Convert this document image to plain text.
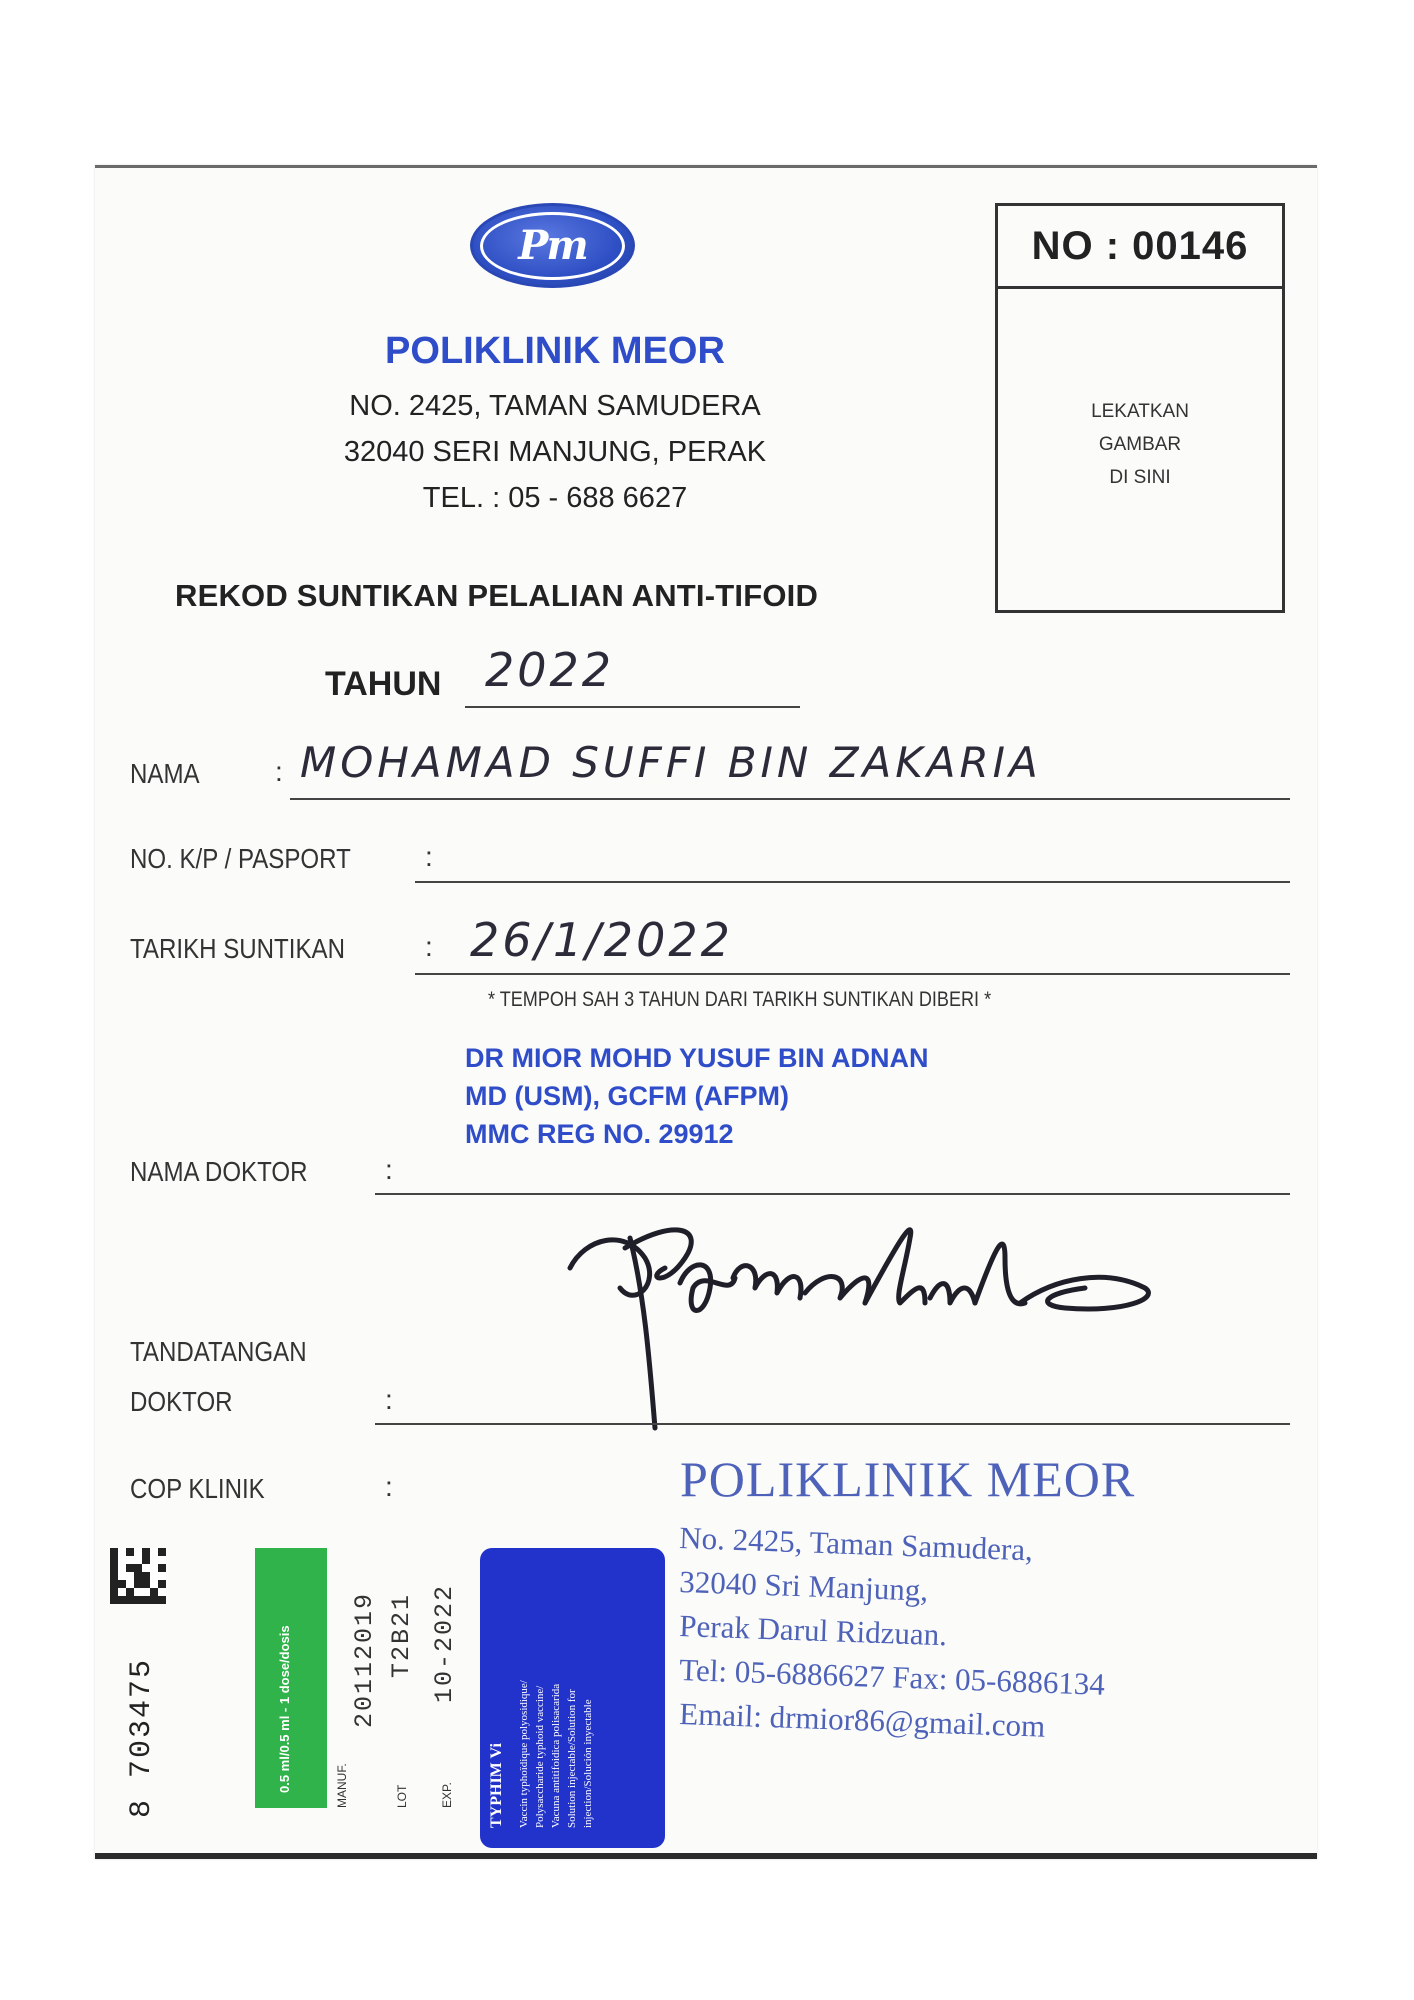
Pm
POLIKLINIK MEOR
NO. 2425, TAMAN SAMUDERA
32040 SERI MANJUNG, PERAK
TEL. : 05 - 688 6627
NO : 00146
LEKATKAN
GAMBAR
DI SINI
REKOD SUNTIKAN PELALIAN ANTI-TIFOID
TAHUN 2022
NAMA	: MOHAMAD SUFFI BIN ZAKARIA
NO. K/P / PASPORT	:
TARIKH SUNTIKAN	: 26/1/2022
* TEMPOH SAH 3 TAHUN DARI TARIKH SUNTIKAN DIBERI *
DR MIOR MOHD YUSUF BIN ADNAN
MD (USM), GCFM (AFPM)
MMC REG NO. 29912
NAMA DOKTOR	:
TANDATANGAN
DOKTOR	:
COP KLINIK	:	POLIKLINIK MEOR
No. 2425, Taman Samudera,
32040 Sri Manjung,
Perak Darul Ridzuan.
Tel: 05-6886627 Fax: 05-6886134
Email: drmior86@gmail.com
8 703475	0.5 ml/0.5 ml - 1 dose/dosis	MANUF.
20112019
LOT
T2B21
EXP.
10-2022
TYPHIM Vi Vaccin typhoïdique polyosidique/ Polysaccharide typhoid vaccine/ Vacuna antitifoidica polisacarida Solution injectable/Solution for injection/Solución inyectable
